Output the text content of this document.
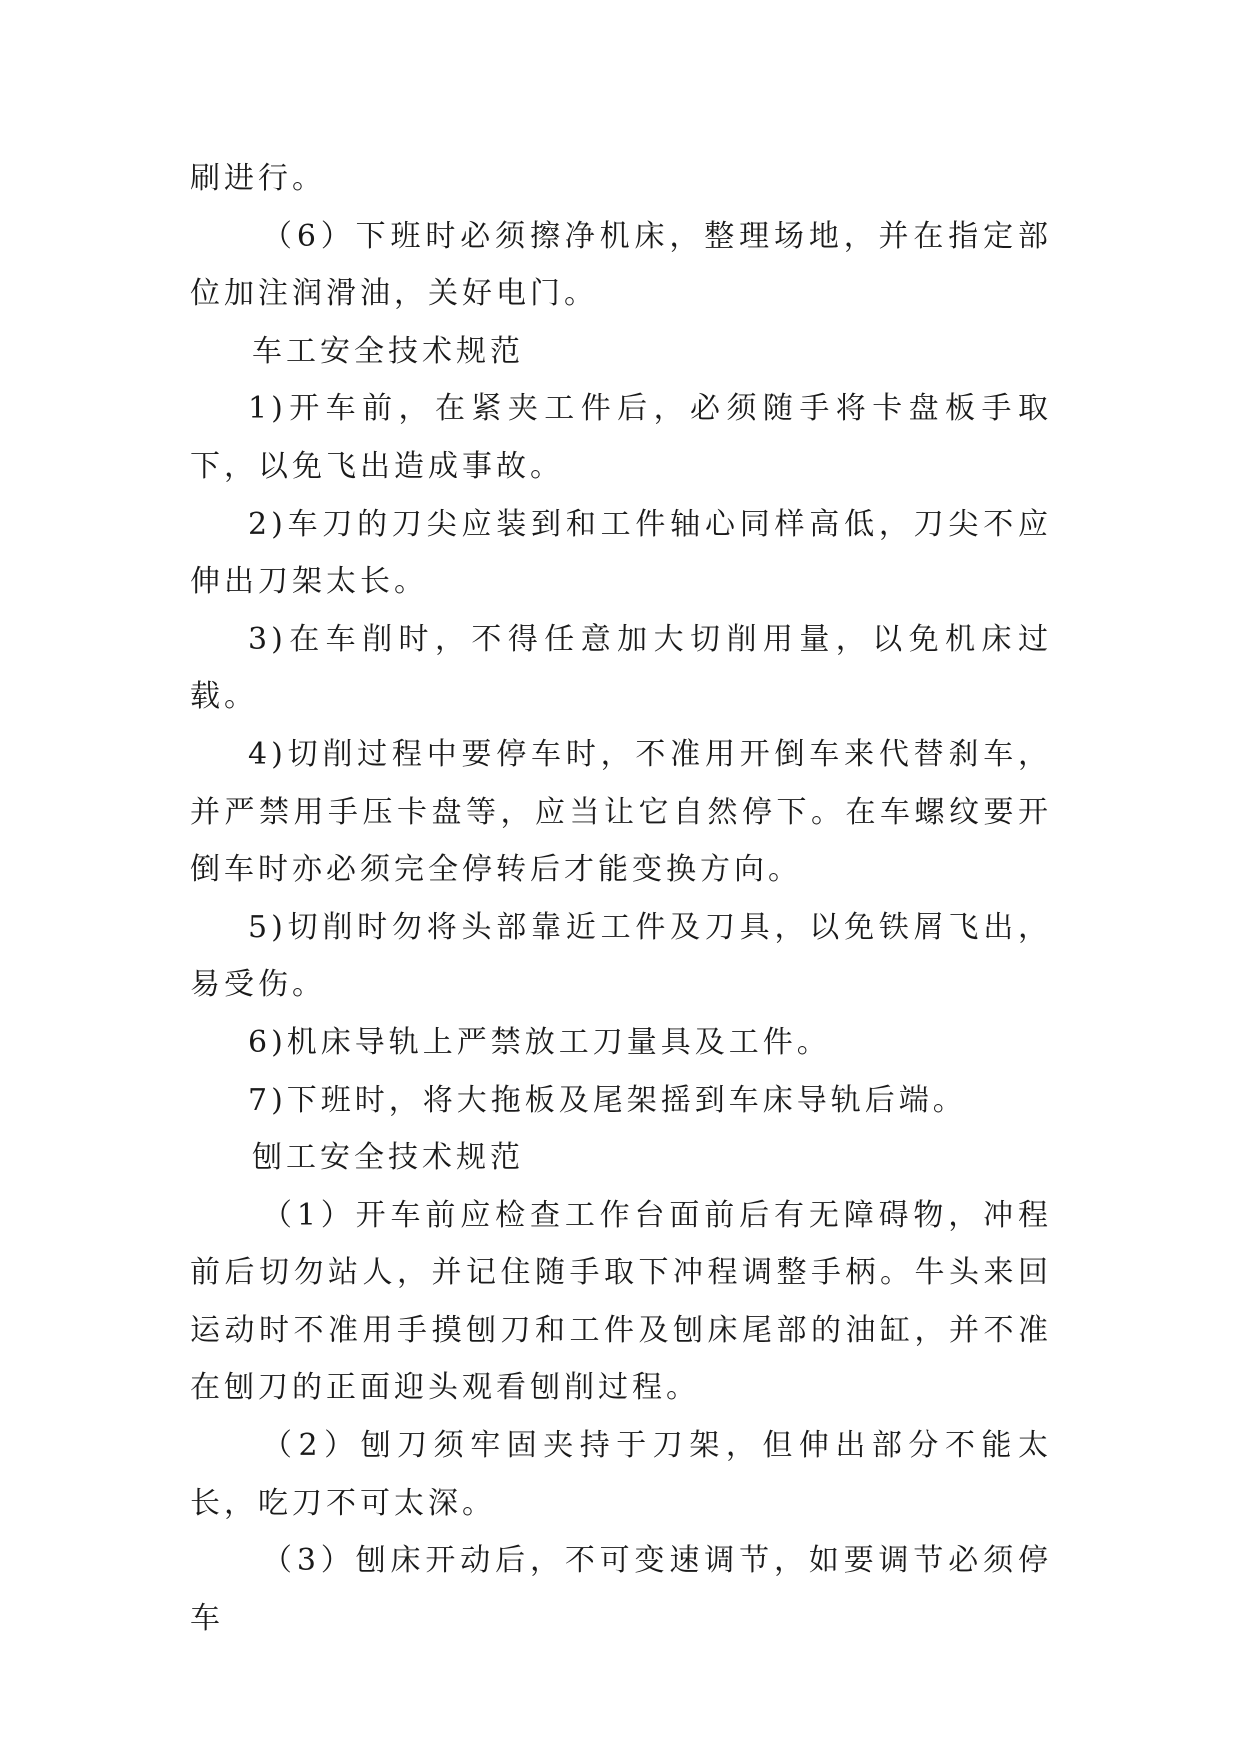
刷进行。

（6）下班时必须擦净机床，整理场地，并在指定部位加注润滑油，关好电门。

车工安全技术规范

1)开车前，在紧夹工件后，必须随手将卡盘板手取下，以免飞出造成事故。

2)车刀的刀尖应装到和工件轴心同样高低，刀尖不应伸出刀架太长。

3)在车削时，不得任意加大切削用量，以免机床过载。

4)切削过程中要停车时，不准用开倒车来代替刹车，并严禁用手压卡盘等，应当让它自然停下。在车螺纹要开倒车时亦必须完全停转后才能变换方向。

5)切削时勿将头部靠近工件及刀具，以免铁屑飞出，易受伤。

6)机床导轨上严禁放工刀量具及工件。

7)下班时，将大拖板及尾架摇到车床导轨后端。

刨工安全技术规范

（1）开车前应检查工作台面前后有无障碍物，冲程前后切勿站人，并记住随手取下冲程调整手柄。牛头来回运动时不准用手摸刨刀和工件及刨床尾部的油缸，并不准在刨刀的正面迎头观看刨削过程。

（2）刨刀须牢固夹持于刀架，但伸出部分不能太长，吃刀不可太深。

（3）刨床开动后，不可变速调节，如要调节必须停车
